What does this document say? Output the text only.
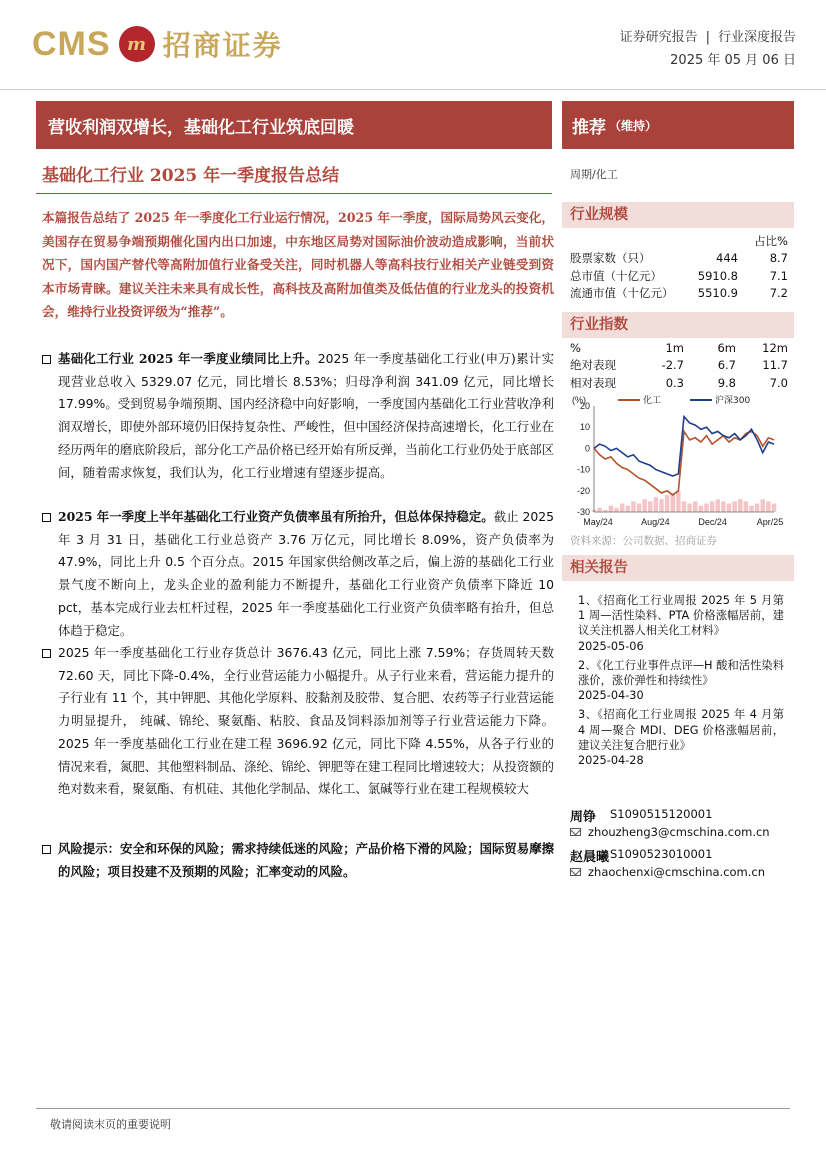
CMS m 招商证券	证券研究报告 | 行业深度报告
2025 年 05 月 06 日
营收利润双增长，基础化工行业筑底回暖
基础化工行业 2025 年一季度报告总结
本篇报告总结了 2025 年一季度化工行业运行情况，2025 年一季度，国际局势风云变化，美国存在贸易争端预期催化国内出口加速，中东地区局势对国际油价波动造成影响，当前状况下，国内国产替代等高附加值行业备受关注，同时机器人等高科技行业相关产业链受到资本市场青睐。建议关注未来具有成长性，高科技及高附加值类及低估值的行业龙头的投资机会，维持行业投资评级为“推荐”。
基础化工行业 2025 年一季度业绩同比上升。2025 年一季度基础化工行业(申万)累计实现营业总收入 5329.07 亿元，同比增长 8.53%；归母净利润 341.09 亿元，同比增长 17.99%。受到贸易争端预期、国内经济稳中向好影响，一季度国内基础化工行业营收净利润双增长，即使外部环境仍旧保持复杂性、严峻性，但中国经济保持高速增长，化工行业在经历两年的磨底阶段后，部分化工产品价格已经开始有所反弹，当前化工行业仍处于底部区间，随着需求恢复，我们认为，化工行业增速有望逐步提高。
2025 年一季度上半年基础化工行业资产负债率虽有所抬升，但总体保持稳定。截止 2025 年 3 月 31 日，基础化工行业总资产 3.76 万亿元，同比增长 8.09%，资产负债率为 47.9%，同比上升 0.5 个百分点。2015 年国家供给侧改革之后，偏上游的基础化工行业景气度不断向上，龙头企业的盈利能力不断提升，基础化工行业资产负债率下降近 10 pct，基本完成行业去杠杆过程，2025 年一季度基础化工行业资产负债率略有抬升，但总体趋于稳定。
2025 年一季度基础化工行业存货总计 3676.43 亿元，同比上涨 7.59%；存货周转天数 72.60 天，同比下降-0.4%，全行业营运能力小幅提升。从子行业来看，营运能力提升的子行业有 11 个，其中钾肥、其他化学原料、胶黏剂及胶带、复合肥、农药等子行业营运能力明显提升， 纯碱、锦纶、聚氨酯、粘胶、食品及饲料添加剂等子行业营运能力下降。2025 年一季度基础化工行业在建工程 3696.92 亿元，同比下降 4.55%，从各子行业的情况来看，氮肥、其他塑料制品、涤纶、锦纶、钾肥等在建工程同比增速较大；从投资额的绝对数来看，聚氨酯、有机硅、其他化学制品、煤化工、氯碱等行业在建工程规模较大
风险提示：安全和环保的风险；需求持续低迷的风险；产品价格下滑的风险；国际贸易摩擦的风险；项目投建不及预期的风险；汇率变动的风险。
推荐 （维持）
周期/化工
行业规模
占比%
股票家数（只）	444	8.7
总市值（十亿元）	5910.8	7.1
流通市值（十亿元）	5510.9	7.2
行业指数
%	1m	6m	12m
绝对表现	-2.7	6.7	11.7
相对表现	0.3	9.8	7.0
(%)
20
10
0
-10
-20
-30
May/24	Aug/24	Dec/24	Apr/25
化工	沪深300
资料来源：公司数据、招商证券
相关报告
1、《招商化工行业周报 2025 年 5 月第 1 周—活性染料、PTA 价格涨幅居前，建议关注机器人相关化工材料》
2025-05-06
2、《化工行业事件点评—H 酸和活性染料涨价，涨价弹性和持续性》
2025-04-30
3、《招商化工行业周报 2025 年 4 月第 4 周—聚合 MDI、DEG 价格涨幅居前，建议关注复合肥行业》
2025-04-28
周铮 S1090515120001
zhouzheng3@cmschina.com.cn
赵晨曦 S1090523010001
zhaochenxi@cmschina.com.cn
敬请阅读末页的重要说明
